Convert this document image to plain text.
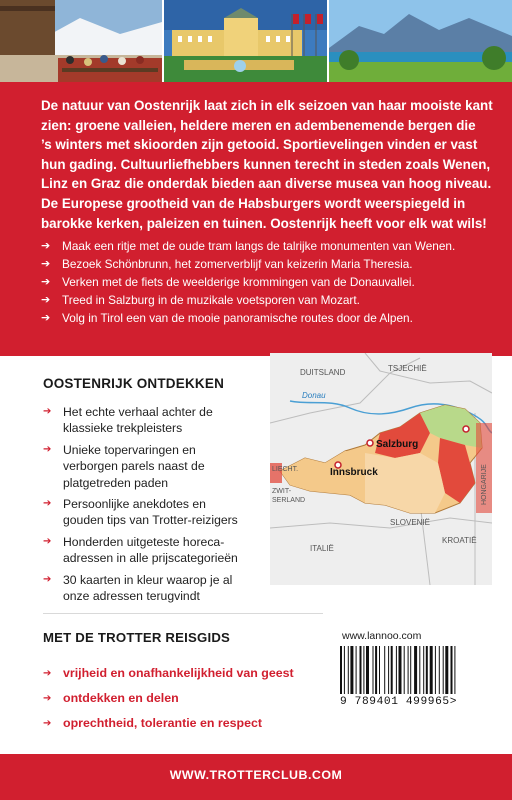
De natuur van Oostenrijk laat zich in elk seizoen van haar mooiste kant
zien: groene valleien, heldere meren en adembenemende bergen die
’s winters met skioorden zijn getooid. Sportievelingen vinden er vast
hun gading. Cultuurliefhebbers kunnen terecht in steden zoals Wenen,
Linz en Graz die onderdak bieden aan diverse musea van hoog niveau.
De Europese grootheid van de Habsburgers wordt weerspiegeld in
barokke kerken, paleizen en tuinen. Oostenrijk heeft voor elk wat wils!

➔ Maak een ritje met de oude tram langs de talrijke monumenten van Wenen.
➔ Bezoek Schönbrunn, het zomerverblijf van keizerin Maria Theresia.
➔ Verken met de fiets de weelderige krommingen van de Donauvallei.
➔ Treed in Salzburg in de muzikale voetsporen van Mozart.
➔ Volg in Tirol een van de mooie panoramische routes door de Alpen.
OOSTENRIJK ONTDEKKEN
➔ Het echte verhaal achter de
klassieke trekpleisters
➔ Unieke topervaringen en
verborgen parels naast de
platgetreden paden
➔ Persoonlijke anekdotes en
gouden tips van Trotter-reizigers
➔ Honderden uitgeteste horeca-
adressen in alle prijscategorieën
➔ 30 kaarten in kleur waarop je al
onze adressen terugvindt
DUITSLAND	TSJECHIË
Donau
Salzburg
Innsbruck
LIECHT.
ZWIT-
SERLAND	HONGARIJE
SLOVENIË
KROATIË
ITALIË
MET DE TROTTER REISGIDS
➔ vrijheid en onafhankelijkheid van geest
➔ ontdekken en delen
➔ oprechtheid, tolerantie en respect
www.lannoo.com
9 789401 499965>
WWW.TROTTERCLUB.COM
